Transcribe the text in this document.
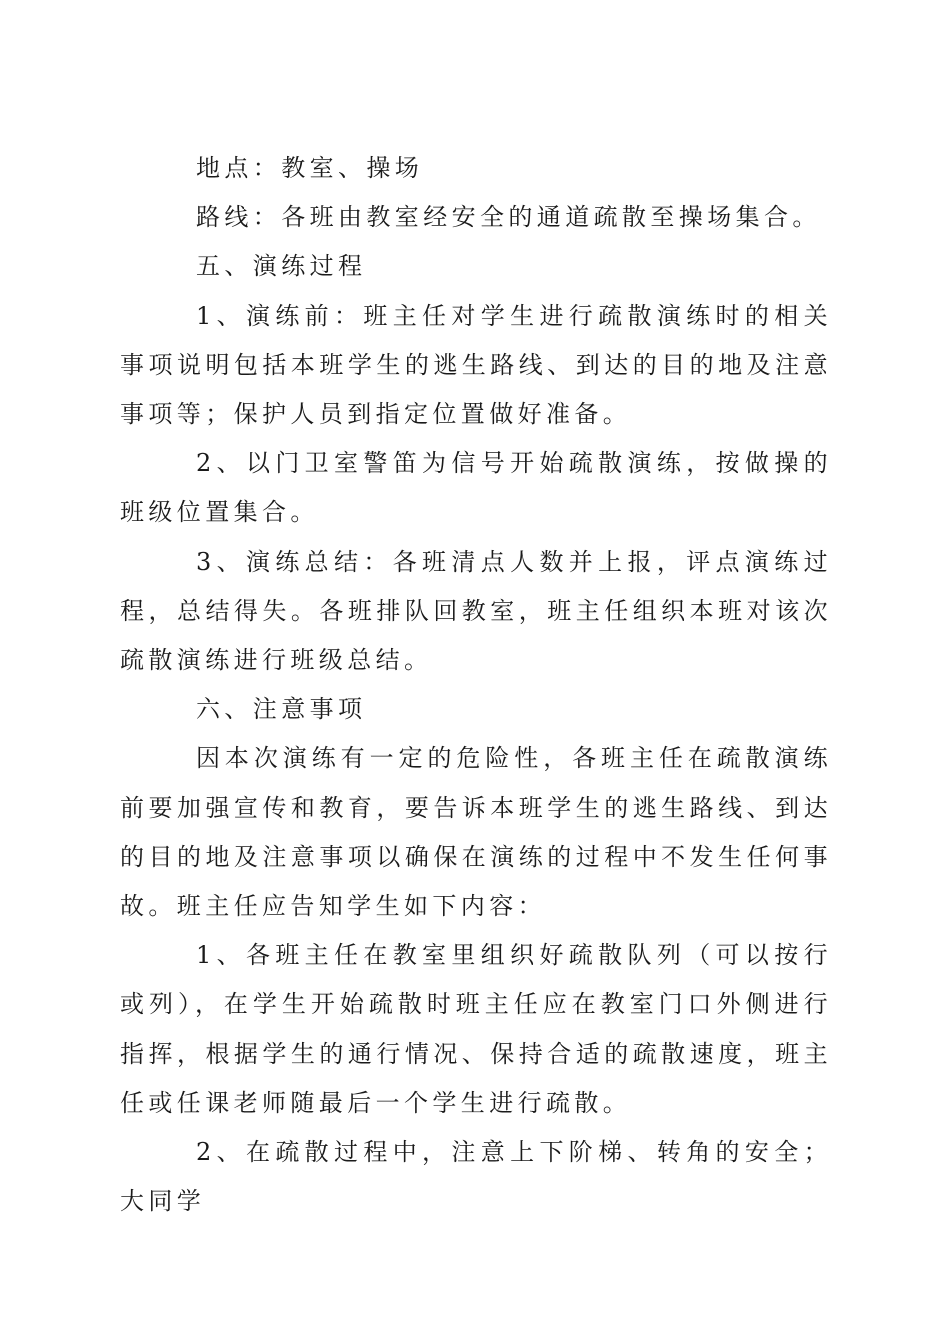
地点：教室、操场

路线：各班由教室经安全的通道疏散至操场集合。

五、演练过程

1、演练前：班主任对学生进行疏散演练时的相关事项说明包括本班学生的逃生路线、到达的目的地及注意事项等；保护人员到指定位置做好准备。

2、以门卫室警笛为信号开始疏散演练，按做操的班级位置集合。

3、演练总结：各班清点人数并上报，评点演练过程，总结得失。各班排队回教室，班主任组织本班对该次疏散演练进行班级总结。

六、注意事项

因本次演练有一定的危险性，各班主任在疏散演练前要加强宣传和教育，要告诉本班学生的逃生路线、到达的目的地及注意事项以确保在演练的过程中不发生任何事故。班主任应告知学生如下内容：

1、各班主任在教室里组织好疏散队列（可以按行或列），在学生开始疏散时班主任应在教室门口外侧进行指挥，根据学生的通行情况、保持合适的疏散速度，班主任或任课老师随最后一个学生进行疏散。

2、在疏散过程中，注意上下阶梯、转角的安全；大同学
